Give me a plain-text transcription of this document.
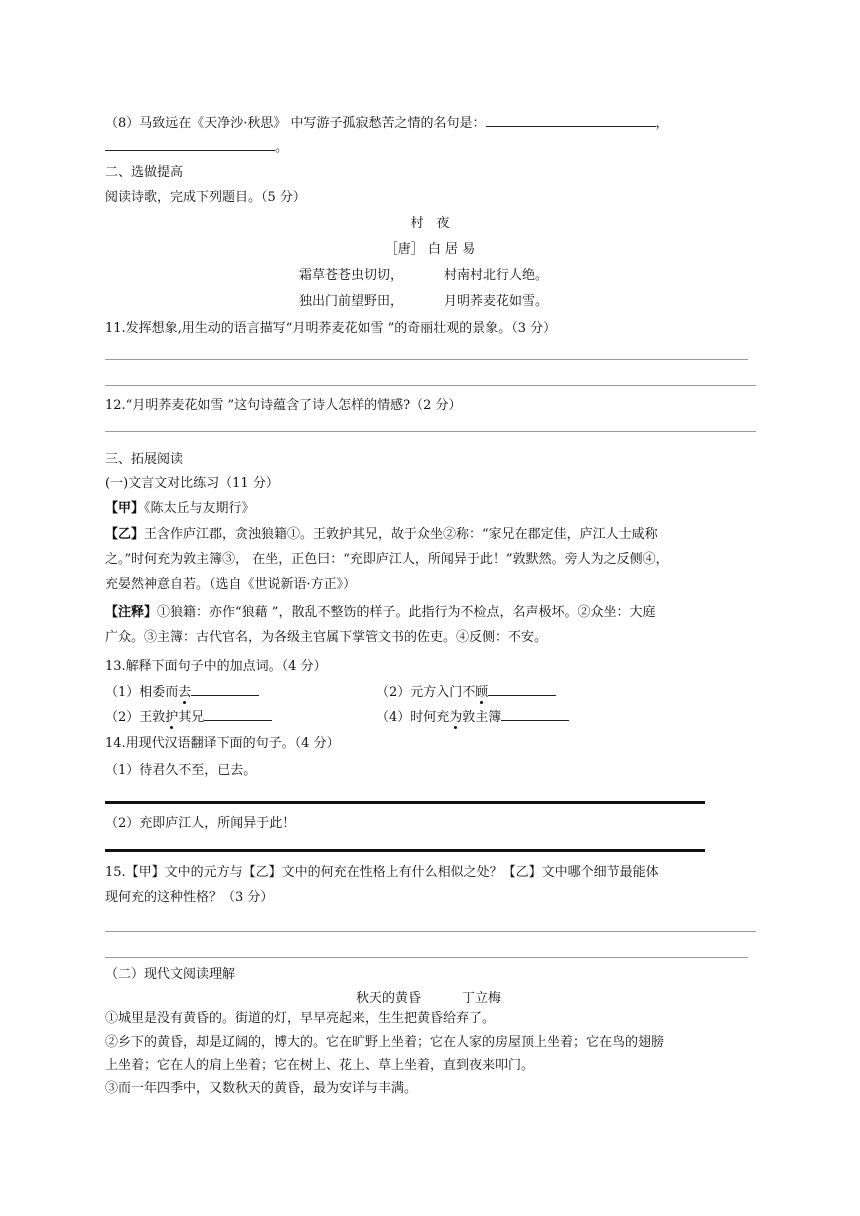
（8）马致远在《天净沙·秋思》 中写游子孤寂愁苦之情的名句是：	，
。
二、选做提高
阅读诗歌，完成下列题目。（5 分）
村　夜
［唐］ 白 居 易
霜草苍苍虫切切，	村南村北行人绝。
独出门前望野田，	月明荞麦花如雪。
11.发挥想象,用生动的语言描写“月明荞麦花如雪 ”的奇丽壮观的景象。（3 分）
12.“月明荞麦花如雪 ”这句诗蕴含了诗人怎样的情感?（2 分）
三、拓展阅读
(一)文言文对比练习（11 分）
【甲】《陈太丘与友期行》
【乙】王含作庐江郡，贪浊狼籍①。王敦护其兄，故于众坐②称：“家兄在郡定佳，庐江人士咸称
之。”时何充为敦主簿③， 在坐，正色曰：“充即庐江人，所闻异于此！”敦默然。旁人为之反侧④，
充晏然神意自若。（选自《世说新语·方正》）
【注释】①狼籍：亦作“狼藉 ”，散乱不整饬的样子。此指行为不检点，名声极坏。②众坐：大庭
广众。③主簿：古代官名，为各级主官属下掌管文书的佐吏。④反侧：不安。
13.解释下面句子中的加点词。（4 分）
（1）相委而去	（2）元方入门不顾
（2）王敦护其兄	（4）时何充为敦主簿
14.用现代汉语翻译下面的句子。（4 分）
（1）待君久不至，已去。
（2）充即庐江人，所闻异于此！
15.【甲】文中的元方与【乙】文中的何充在性格上有什么相似之处？【乙】文中哪个细节最能体
现何充的这种性格？（3 分）
（二）现代文阅读理解
秋天的黄昏	丁立梅
①城里是没有黄昏的。街道的灯，早早亮起来，生生把黄昏给弃了。
②乡下的黄昏，却是辽阔的，博大的。它在旷野上坐着；它在人家的房屋顶上坐着；它在鸟的翅膀
上坐着；它在人的肩上坐着；它在树上、花上、草上坐着，直到夜来叩门。
③而一年四季中，又数秋天的黄昏，最为安详与丰满。
